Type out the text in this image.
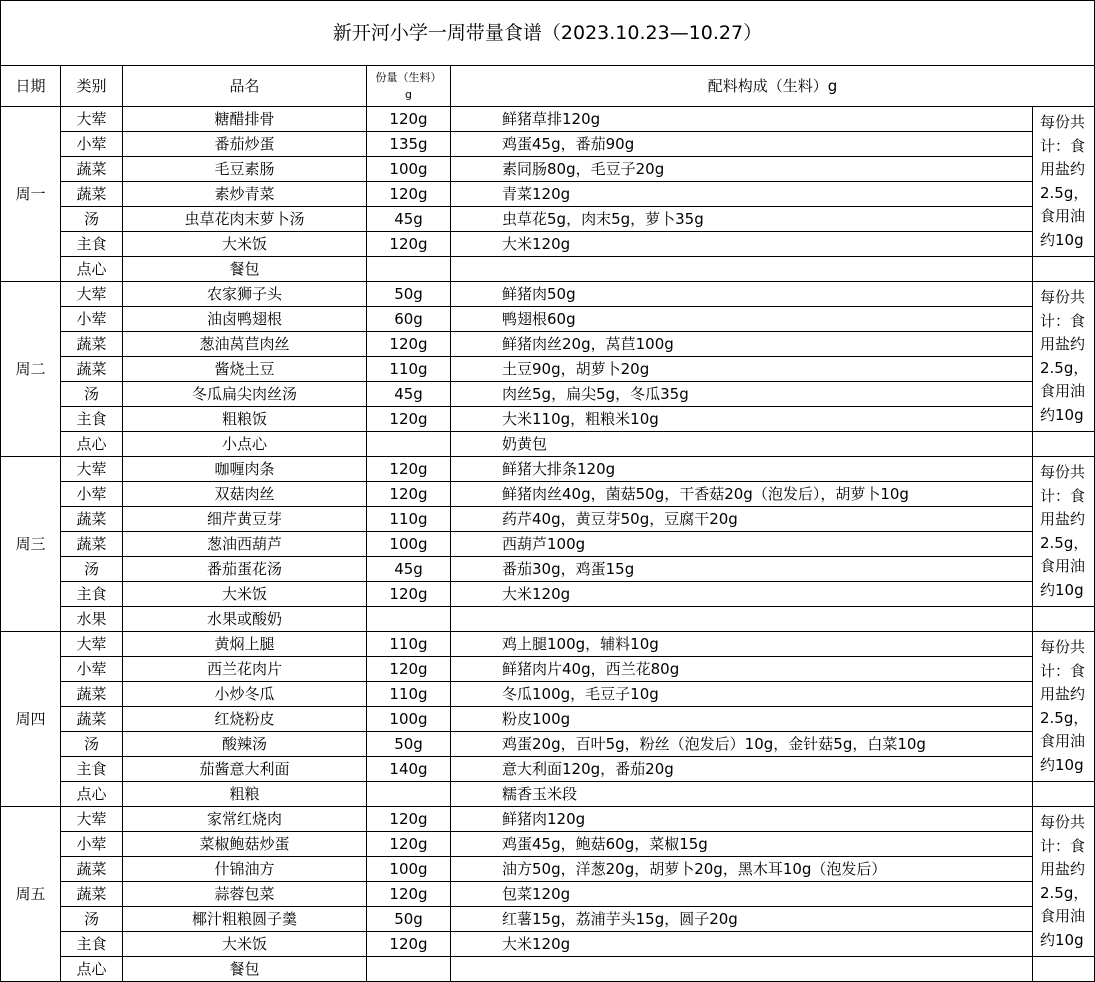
新开河小学一周带量食谱（2023.10.23—10.27）					
日期	类别	品名	份量（生料）
g	配料构成（生料）g	
周一	大荤	糖醋排骨	120g	鲜猪草排120g	每份共计：食用盐约2.5g，食用油约10g
	小荤	番茄炒蛋	135g	鸡蛋45g，番茄90g	
	蔬菜	毛豆素肠	100g	素同肠80g，毛豆子20g	
	蔬菜	素炒青菜	120g	青菜120g	
	汤	虫草花肉末萝卜汤	45g	虫草花5g，肉末5g，萝卜35g	
	主食	大米饭	120g	大米120g	
	点心	餐包			
周二	大荤	农家狮子头	50g	鲜猪肉50g	每份共计：食用盐约2.5g，食用油约10g
	小荤	油卤鸭翅根	60g	鸭翅根60g	
	蔬菜	葱油莴苣肉丝	120g	鲜猪肉丝20g，莴苣100g	
	蔬菜	酱烧土豆	110g	土豆90g，胡萝卜20g	
	汤	冬瓜扁尖肉丝汤	45g	肉丝5g，扁尖5g，冬瓜35g	
	主食	粗粮饭	120g	大米110g，粗粮米10g	
	点心	小点心		奶黄包	
周三	大荤	咖喱肉条	120g	鲜猪大排条120g	每份共计：食用盐约2.5g，食用油约10g
	小荤	双菇肉丝	120g	鲜猪肉丝40g，菌菇50g，干香菇20g（泡发后），胡萝卜10g	
	蔬菜	细芹黄豆芽	110g	药芹40g，黄豆芽50g，豆腐干20g	
	蔬菜	葱油西葫芦	100g	西葫芦100g	
	汤	番茄蛋花汤	45g	番茄30g，鸡蛋15g	
	主食	大米饭	120g	大米120g	
	水果	水果或酸奶			
周四	大荤	黄焖上腿	110g	鸡上腿100g，辅料10g	每份共计：食用盐约2.5g，食用油约10g
	小荤	西兰花肉片	120g	鲜猪肉片40g，西兰花80g	
	蔬菜	小炒冬瓜	110g	冬瓜100g，毛豆子10g	
	蔬菜	红烧粉皮	100g	粉皮100g	
	汤	酸辣汤	50g	鸡蛋20g，百叶5g，粉丝（泡发后）10g，金针菇5g，白菜10g	
	主食	茄酱意大利面	140g	意大利面120g，番茄20g	
	点心	粗粮		糯香玉米段	
周五	大荤	家常红烧肉	120g	鲜猪肉120g	每份共计：食用盐约2.5g，食用油约10g
	小荤	菜椒鲍菇炒蛋	120g	鸡蛋45g，鲍菇60g，菜椒15g	
	蔬菜	什锦油方	100g	油方50g，洋葱20g，胡萝卜20g，黑木耳10g（泡发后）	
	蔬菜	蒜蓉包菜	120g	包菜120g	
	汤	椰汁粗粮圆子羹	50g	红薯15g，荔浦芋头15g，圆子20g	
	主食	大米饭	120g	大米120g	
	点心	餐包			
